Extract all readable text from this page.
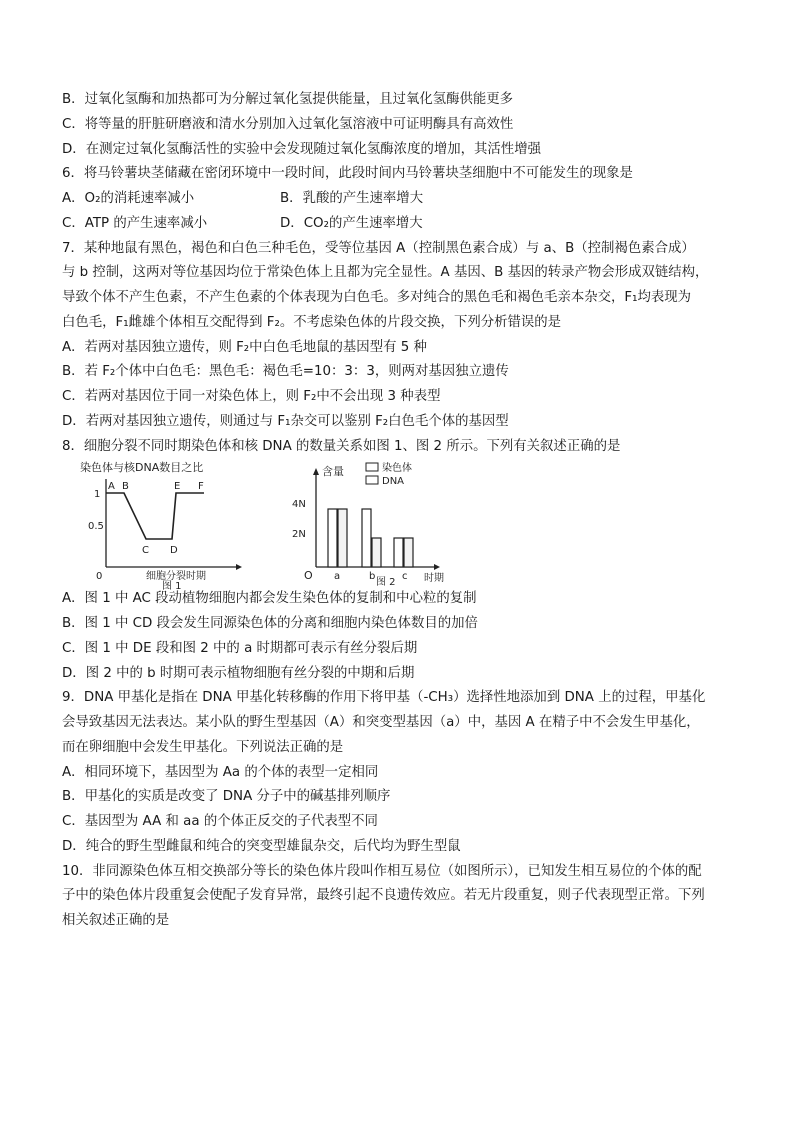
B．过氧化氢酶和加热都可为分解过氧化氢提供能量，且过氧化氢酶供能更多
C．将等量的肝脏研磨液和清水分别加入过氧化氢溶液中可证明酶具有高效性
D．在测定过氧化氢酶活性的实验中会发现随过氧化氢酶浓度的增加，其活性增强
6．将马铃薯块茎储藏在密闭环境中一段时间，此段时间内马铃薯块茎细胞中不可能发生的现象是
A．O₂的消耗速率减小	B．乳酸的产生速率增大
C．ATP 的产生速率减小	D．CO₂的产生速率增大
7．某种地鼠有黑色，褐色和白色三种毛色，受等位基因 A（控制黑色素合成）与 a、B（控制褐色素合成）
与 b 控制，这两对等位基因均位于常染色体上且都为完全显性。A 基因、B 基因的转录产物会形成双链结构，
导致个体不产生色素，不产生色素的个体表现为白色毛。多对纯合的黑色毛和褐色毛亲本杂交，F₁均表现为
白色毛，F₁雌雄个体相互交配得到 F₂。不考虑染色体的片段交换，下列分析错误的是
A．若两对基因独立遗传，则 F₂中白色毛地鼠的基因型有 5 种
B．若 F₂个体中白色毛：黑色毛：褐色毛=10：3：3，则两对基因独立遗传
C．若两对基因位于同一对染色体上，则 F₂中不会出现 3 种表型
D．若两对基因独立遗传，则通过与 F₁杂交可以鉴别 F₂白色毛个体的基因型
8．细胞分裂不同时期染色体和核 DNA 的数量关系如图 1、图 2 所示。下列有关叙述正确的是
染色体与核DNA数目之比
1
0.5
0
A B
C D
E F
细胞分裂时期
图 1
含量
4N
2N
O
染色体
DNA
a	b	c 时期
图 2
A．图 1 中 AC 段动植物细胞内都会发生染色体的复制和中心粒的复制
B．图 1 中 CD 段会发生同源染色体的分离和细胞内染色体数目的加倍
C．图 1 中 DE 段和图 2 中的 a 时期都可表示有丝分裂后期
D．图 2 中的 b 时期可表示植物细胞有丝分裂的中期和后期
9．DNA 甲基化是指在 DNA 甲基化转移酶的作用下将甲基（-CH₃）选择性地添加到 DNA 上的过程，甲基化
会导致基因无法表达。某小队的野生型基因（A）和突变型基因（a）中，基因 A 在精子中不会发生甲基化，
而在卵细胞中会发生甲基化。下列说法正确的是
A．相同环境下，基因型为 Aa 的个体的表型一定相同
B．甲基化的实质是改变了 DNA 分子中的碱基排列顺序
C．基因型为 AA 和 aa 的个体正反交的子代表型不同
D．纯合的野生型雌鼠和纯合的突变型雄鼠杂交，后代均为野生型鼠
10．非同源染色体互相交换部分等长的染色体片段叫作相互易位（如图所示），已知发生相互易位的个体的配
子中的染色体片段重复会使配子发育异常，最终引起不良遗传效应。若无片段重复，则子代表现型正常。下列
相关叙述正确的是
